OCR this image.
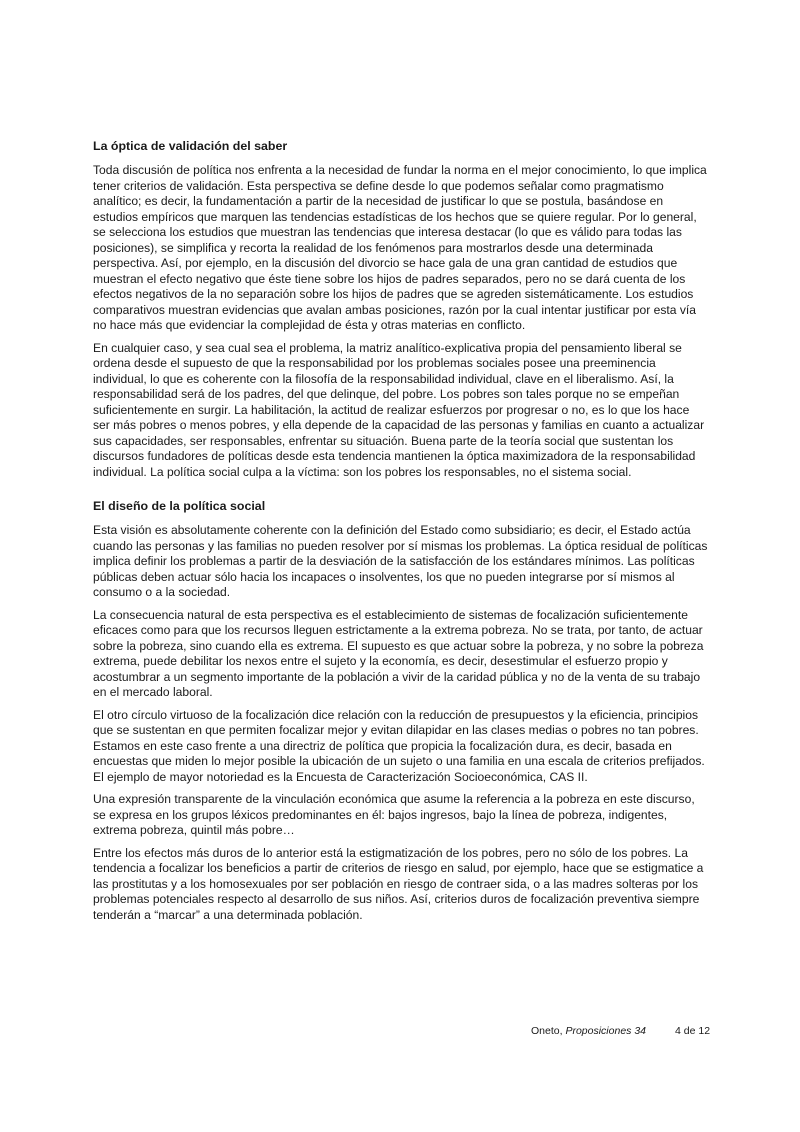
La óptica de validación del saber

Toda discusión de política nos enfrenta a la necesidad de fundar la norma en el mejor conocimiento, lo que implica tener criterios de validación. Esta perspectiva se define desde lo que podemos señalar como pragmatismo analítico; es decir, la fundamentación a partir de la necesidad de justificar lo que se postula, basándose en estudios empíricos que marquen las tendencias estadísticas de los hechos que se quiere regular. Por lo general, se selecciona los estudios que muestran las tendencias que interesa destacar (lo que es válido para todas las posiciones), se simplifica y recorta la realidad de los fenómenos para mostrarlos desde una determinada perspectiva. Así, por ejemplo, en la discusión del divorcio se hace gala de una gran cantidad de estudios que muestran el efecto negativo que éste tiene sobre los hijos de padres separados, pero no se dará cuenta de los efectos negativos de la no separación sobre los hijos de padres que se agreden sistemáticamente. Los estudios comparativos muestran evidencias que avalan ambas posiciones, razón por la cual intentar justificar por esta vía no hace más que evidenciar la complejidad de ésta y otras materias en conflicto.

En cualquier caso, y sea cual sea el problema, la matriz analítico-explicativa propia del pensamiento liberal se ordena desde el supuesto de que la responsabilidad por los problemas sociales posee una preeminencia individual, lo que es coherente con la filosofía de la responsabilidad individual, clave en el liberalismo. Así, la responsabilidad será de los padres, del que delinque, del pobre. Los pobres son tales porque no se empeñan suficientemente en surgir. La habilitación, la actitud de realizar esfuerzos por progresar o no, es lo que los hace ser más pobres o menos pobres, y ella depende de la capacidad de las personas y familias en cuanto a actualizar sus capacidades, ser responsables, enfrentar su situación. Buena parte de la teoría social que sustentan los discursos fundadores de políticas desde esta tendencia mantienen la óptica maximizadora de la responsabilidad individual. La política social culpa a la víctima: son los pobres los responsables, no el sistema social.

El diseño de la política social

Esta visión es absolutamente coherente con la definición del Estado como subsidiario; es decir, el Estado actúa cuando las personas y las familias no pueden resolver por sí mismas los problemas. La óptica residual de políticas implica definir los problemas a partir de la desviación de la satisfacción de los estándares mínimos. Las políticas públicas deben actuar sólo hacia los incapaces o insolventes, los que no pueden integrarse por sí mismos al consumo o a la sociedad.

La consecuencia natural de esta perspectiva es el establecimiento de sistemas de focalización suficientemente eficaces como para que los recursos lleguen estrictamente a la extrema pobreza. No se trata, por tanto, de actuar sobre la pobreza, sino cuando ella es extrema. El supuesto es que actuar sobre la pobreza, y no sobre la pobreza extrema, puede debilitar los nexos entre el sujeto y la economía, es decir, desestimular el esfuerzo propio y acostumbrar a un segmento importante de la población a vivir de la caridad pública y no de la venta de su trabajo en el mercado laboral.

El otro círculo virtuoso de la focalización dice relación con la reducción de presupuestos y la eficiencia, principios que se sustentan en que permiten focalizar mejor y evitan dilapidar en las clases medias o pobres no tan pobres. Estamos en este caso frente a una directriz de política que propicia la focalización dura, es decir, basada en encuestas que miden lo mejor posible la ubicación de un sujeto o una familia en una escala de criterios prefijados. El ejemplo de mayor notoriedad es la Encuesta de Caracterización Socioeconómica, CAS II.

Una expresión transparente de la vinculación económica que asume la referencia a la pobreza en este discurso, se expresa en los grupos léxicos predominantes en él: bajos ingresos, bajo la línea de pobreza, indigentes, extrema pobreza, quintil más pobre…

Entre los efectos más duros de lo anterior está la estigmatización de los pobres, pero no sólo de los pobres. La tendencia a focalizar los beneficios a partir de criterios de riesgo en salud, por ejemplo, hace que se estigmatice a las prostitutas y a los homosexuales por ser población en riesgo de contraer sida, o a las madres solteras por los problemas potenciales respecto al desarrollo de sus niños. Así, criterios duros de focalización preventiva siempre tenderán a “marcar” a una determinada población.

Oneto, Proposiciones 34	4 de 12
